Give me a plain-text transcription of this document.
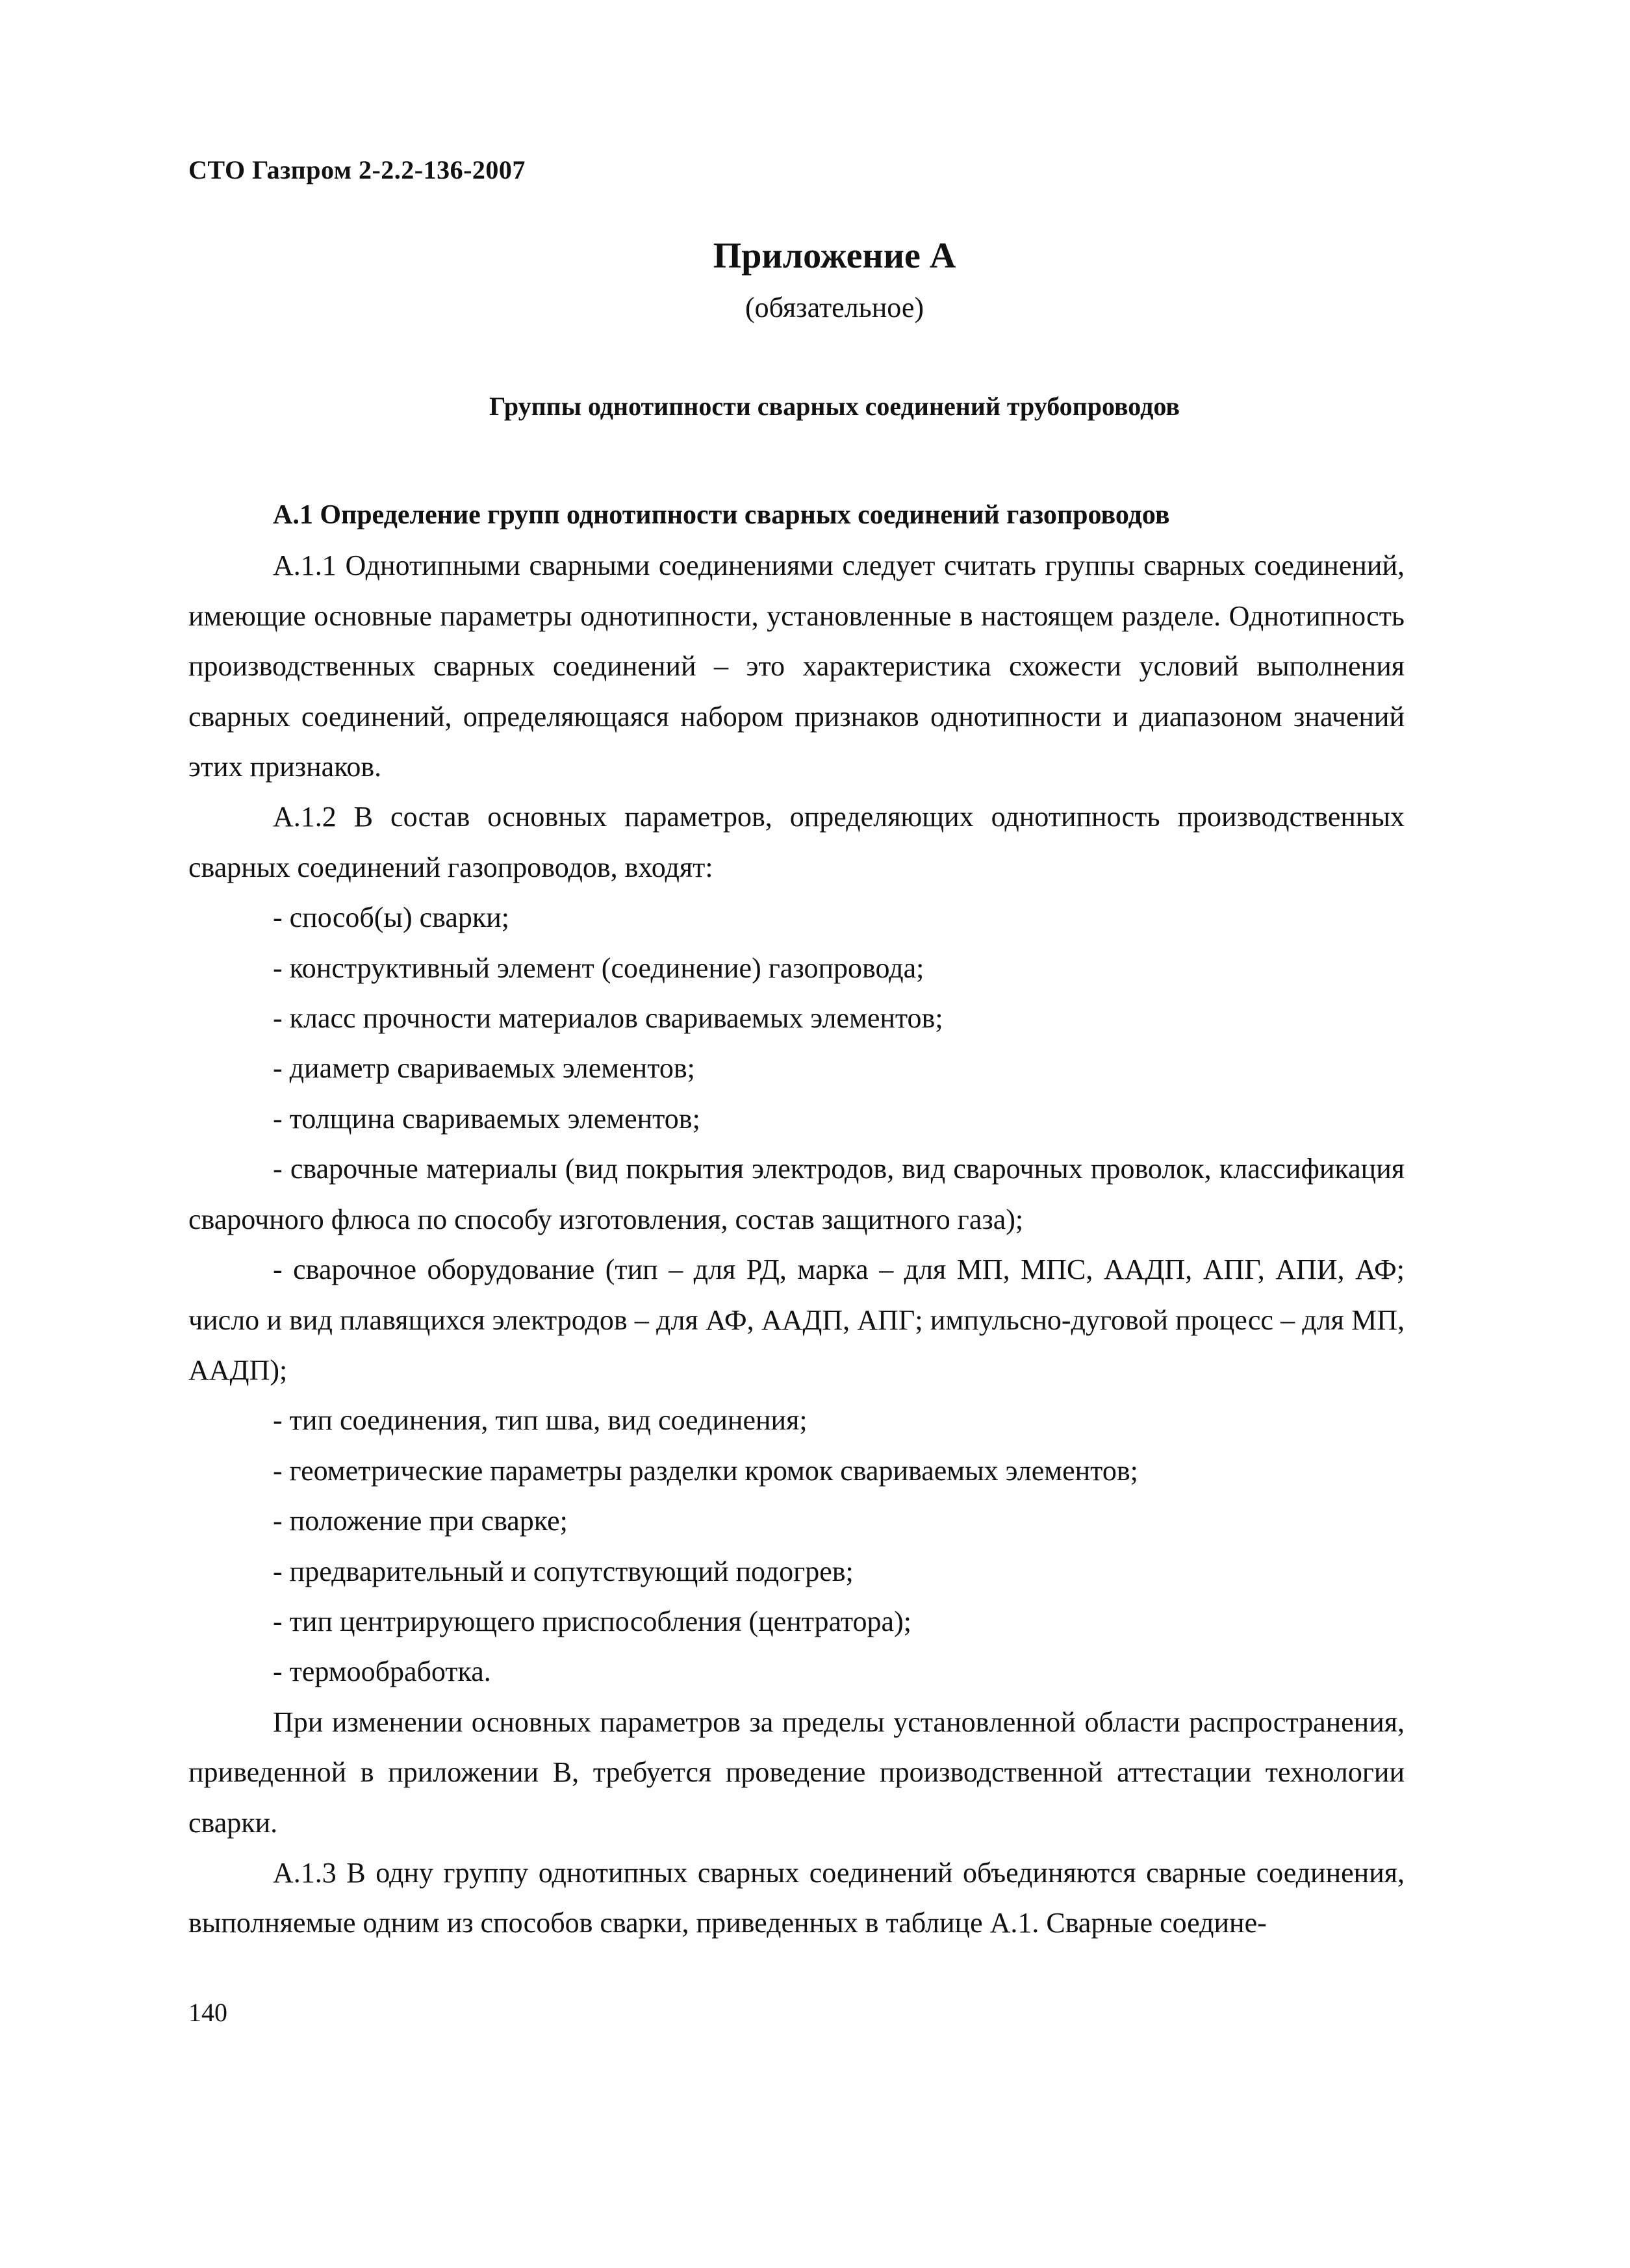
СТО Газпром 2-2.2-136-2007
Приложение А
(обязательное)
Группы однотипности сварных соединений трубопроводов

А.1 Определение групп однотипности сварных соединений газопроводов

А.1.1 Однотипными сварными соединениями следует считать группы сварных соединений, имеющие основные параметры однотипности, установленные в настоящем разделе. Однотипность производственных сварных соединений – это характеристика схожести условий выполнения сварных соединений, определяющаяся набором признаков однотипности и диапазоном значений этих признаков.

А.1.2 В состав основных параметров, определяющих однотипность производственных сварных соединений газопроводов, входят:

- способ(ы) сварки;

- конструктивный элемент (соединение) газопровода;

- класс прочности материалов свариваемых элементов;

- диаметр свариваемых элементов;

- толщина свариваемых элементов;

- сварочные материалы (вид покрытия электродов, вид сварочных проволок, классификация сварочного флюса по способу изготовления, состав защитного газа);

- сварочное оборудование (тип – для РД, марка – для МП, МПС, ААДП, АПГ, АПИ, АФ; число и вид плавящихся электродов – для АФ, ААДП, АПГ; импульсно-дуговой процесс – для МП, ААДП);

- тип соединения, тип шва, вид соединения;

- геометрические параметры разделки кромок свариваемых элементов;

- положение при сварке;

- предварительный и сопутствующий подогрев;

- тип центрирующего приспособления (центратора);

- термообработка.

При изменении основных параметров за пределы установленной области распространения, приведенной в приложении В, требуется проведение производственной аттестации технологии сварки.

А.1.3 В одну группу однотипных сварных соединений объединяются сварные соединения, выполняемые одним из способов сварки, приведенных в таблице А.1. Сварные соедине-

140
